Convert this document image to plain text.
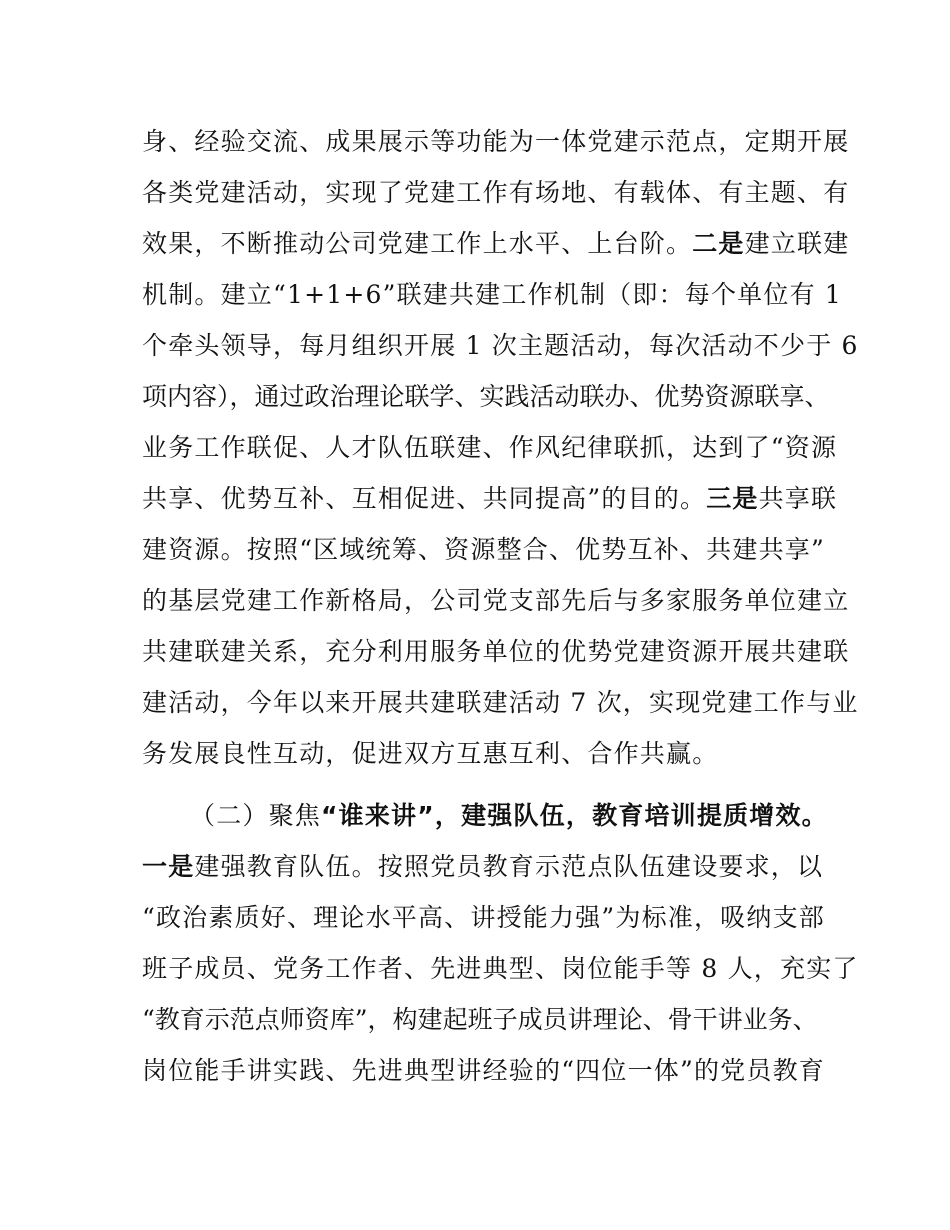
身、经验交流、成果展示等功能为一体党建示范点，定期开展
各类党建活动，实现了党建工作有场地、有载体、有主题、有
效果，不断推动公司党建工作上水平、上台阶。二是建立联建
机制。建立“1+1+6”联建共建工作机制（即：每个单位有 1
个牵头领导，每月组织开展 1 次主题活动，每次活动不少于 6
项内容），通过政治理论联学、实践活动联办、优势资源联享、
业务工作联促、人才队伍联建、作风纪律联抓，达到了“资源
共享、优势互补、互相促进、共同提高”的目的。三是共享联
建资源。按照“区域统筹、资源整合、优势互补、共建共享”
的基层党建工作新格局，公司党支部先后与多家服务单位建立
共建联建关系，充分利用服务单位的优势党建资源开展共建联
建活动，今年以来开展共建联建活动 7 次，实现党建工作与业
务发展良性互动，促进双方互惠互利、合作共赢。
（二）聚焦“谁来讲”，建强队伍，教育培训提质增效。
一是建强教育队伍。按照党员教育示范点队伍建设要求，以
“政治素质好、理论水平高、讲授能力强”为标准，吸纳支部
班子成员、党务工作者、先进典型、岗位能手等 8 人，充实了
“教育示范点师资库”，构建起班子成员讲理论、骨干讲业务、
岗位能手讲实践、先进典型讲经验的“四位一体”的党员教育
